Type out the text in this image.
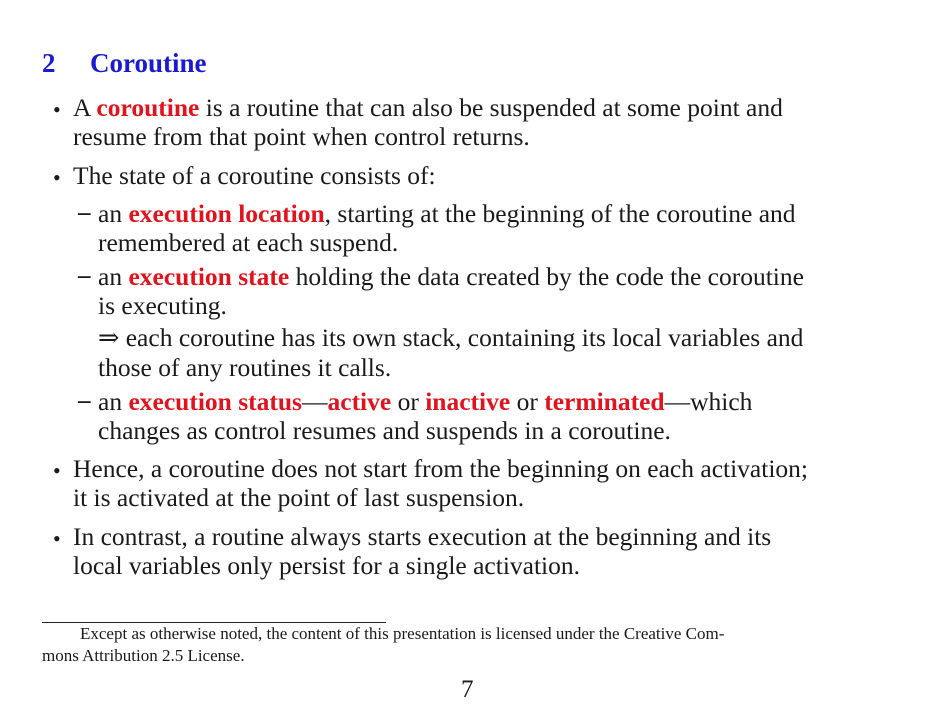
2 Coroutine
• A coroutine is a routine that can also be suspended at some point and
resume from that point when control returns.
• The state of a coroutine consists of:
– an execution location, starting at the beginning of the coroutine and
remembered at each suspend.
– an execution state holding the data created by the code the coroutine
is executing.
⇒ each coroutine has its own stack, containing its local variables and
those of any routines it calls.
– an execution status—active or inactive or terminated—which
changes as control resumes and suspends in a coroutine.
• Hence, a coroutine does not start from the beginning on each activation;
it is activated at the point of last suspension.
• In contrast, a routine always starts execution at the beginning and its
local variables only persist for a single activation.
Except as otherwise noted, the content of this presentation is licensed under the Creative Com-
mons Attribution 2.5 License.
7
